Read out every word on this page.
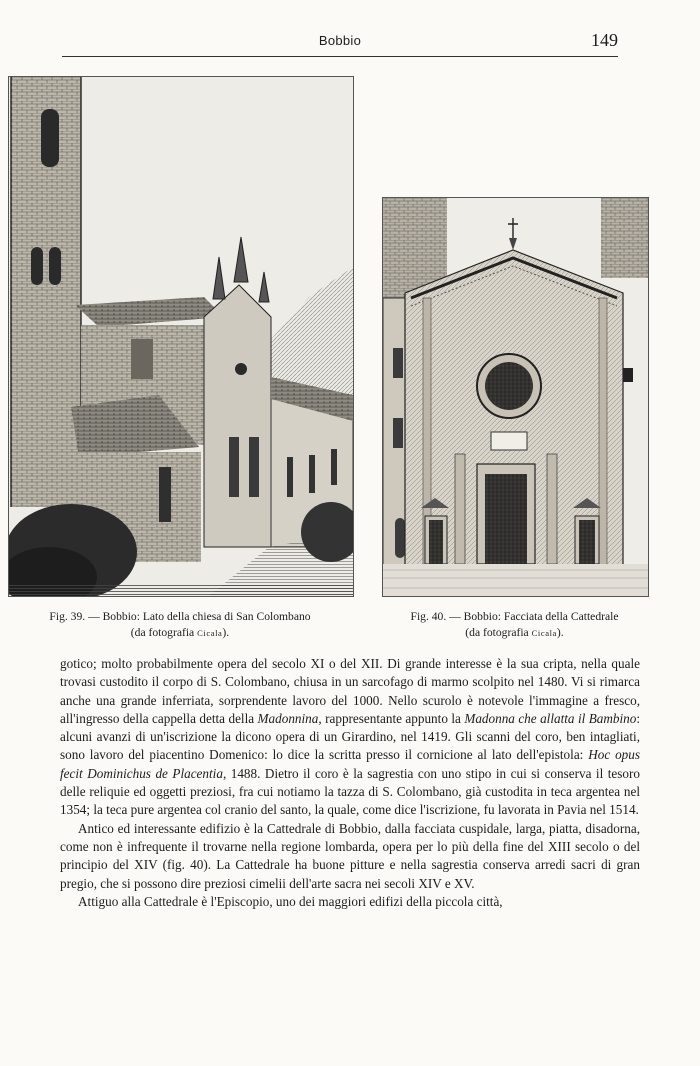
Bobbio	149
Fig. 39. — Bobbio: Lato della chiesa di San Colombano
(da fotografia Cicala).
Fig. 40. — Bobbio: Facciata della Cattedrale
(da fotografia Cicala).

gotico; molto probabilmente opera del secolo XI o del XII. Di grande interesse è la sua cripta, nella quale trovasi custodito il corpo di S. Colombano, chiusa in un sarcofago di marmo scolpito nel 1480. Vi si rimarca anche una grande inferriata, sorprendente lavoro del 1000. Nello scurolo è notevole l'immagine a fresco, all'ingresso della cappella detta della Madonnina, rappresentante appunto la Madonna che allatta il Bambino: alcuni avanzi di un'iscrizione la dicono opera di un Girardino, nel 1419. Gli scanni del coro, ben intagliati, sono lavoro del piacentino Domenico: lo dice la scritta presso il cornicione al lato dell'epistola: Hoc opus fecit Dominichus de Placentia, 1488. Dietro il coro è la sagrestia con uno stipo in cui si conserva il tesoro delle reliquie ed oggetti preziosi, fra cui notiamo la tazza di S. Colombano, già custodita in teca argentea nel 1354; la teca pure argentea col cranio del santo, la quale, come dice l'iscrizione, fu lavorata in Pavia nel 1514.

Antico ed interessante edifizio è la Cattedrale di Bobbio, dalla facciata cuspidale, larga, piatta, disadorna, come non è infrequente il trovarne nella regione lombarda, opera per lo più della fine del XIII secolo o del principio del XIV (fig. 40). La Cattedrale ha buone pitture e nella sagrestia conserva arredi sacri di gran pregio, che si possono dire preziosi cimelii dell'arte sacra nei secoli XIV e XV.

Attiguo alla Cattedrale è l'Episcopio, uno dei maggiori edifizi della piccola città,
